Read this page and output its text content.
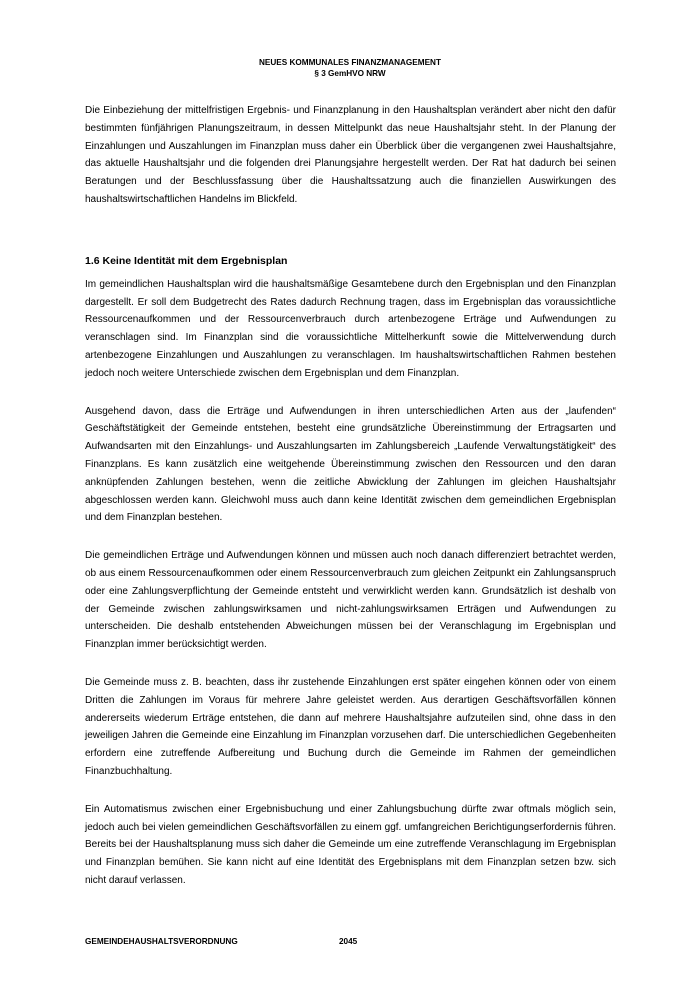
NEUES KOMMUNALES FINANZMANAGEMENT
§ 3 GemHVO NRW

Die Einbeziehung der mittelfristigen Ergebnis- und Finanzplanung in den Haushaltsplan verändert aber nicht den dafür bestimmten fünfjährigen Planungszeitraum, in dessen Mittelpunkt das neue Haushaltsjahr steht. In der Planung der Einzahlungen und Auszahlungen im Finanzplan muss daher ein Überblick über die vergangenen zwei Haushaltsjahre, das aktuelle Haushaltsjahr und die folgenden drei Planungsjahre hergestellt werden. Der Rat hat dadurch bei seinen Beratungen und der Beschlussfassung über die Haushaltssatzung auch die finanziellen Auswirkungen des haushaltswirtschaftlichen Handelns im Blickfeld.

1.6 Keine Identität mit dem Ergebnisplan

Im gemeindlichen Haushaltsplan wird die haushaltsmäßige Gesamtebene durch den Ergebnisplan und den Finanzplan dargestellt. Er soll dem Budgetrecht des Rates dadurch Rechnung tragen, dass im Ergebnisplan das voraussichtliche Ressourcenaufkommen und der Ressourcenverbrauch durch artenbezogene Erträge und Aufwendungen zu veranschlagen sind. Im Finanzplan sind die voraussichtliche Mittelherkunft sowie die Mittelverwendung durch artenbezogene Einzahlungen und Auszahlungen zu veranschlagen. Im haushaltswirtschaftlichen Rahmen bestehen jedoch noch weitere Unterschiede zwischen dem Ergebnisplan und dem Finanzplan.

Ausgehend davon, dass die Erträge und Aufwendungen in ihren unterschiedlichen Arten aus der „laufenden“ Geschäftstätigkeit der Gemeinde entstehen, besteht eine grundsätzliche Übereinstimmung der Ertragsarten und Aufwandsarten mit den Einzahlungs- und Auszahlungsarten im Zahlungsbereich „Laufende Verwaltungstätigkeit“ des Finanzplans. Es kann zusätzlich eine weitgehende Übereinstimmung zwischen den Ressourcen und den daran anknüpfenden Zahlungen bestehen, wenn die zeitliche Abwicklung der Zahlungen im gleichen Haushaltsjahr abgeschlossen werden kann. Gleichwohl muss auch dann keine Identität zwischen dem gemeindlichen Ergebnisplan und dem Finanzplan bestehen.

Die gemeindlichen Erträge und Aufwendungen können und müssen auch noch danach differenziert betrachtet werden, ob aus einem Ressourcenaufkommen oder einem Ressourcenverbrauch zum gleichen Zeitpunkt ein Zahlungsanspruch oder eine Zahlungsverpflichtung der Gemeinde entsteht und verwirklicht werden kann. Grundsätzlich ist deshalb von der Gemeinde zwischen zahlungswirksamen und nicht-zahlungswirksamen Erträgen und Aufwendungen zu unterscheiden. Die deshalb entstehenden Abweichungen müssen bei der Veranschlagung im Ergebnisplan und Finanzplan immer berücksichtigt werden.

Die Gemeinde muss z. B. beachten, dass ihr zustehende Einzahlungen erst später eingehen können oder von einem Dritten die Zahlungen im Voraus für mehrere Jahre geleistet werden. Aus derartigen Geschäftsvorfällen können andererseits wiederum Erträge entstehen, die dann auf mehrere Haushaltsjahre aufzuteilen sind, ohne dass in den jeweiligen Jahren die Gemeinde eine Einzahlung im Finanzplan vorzusehen darf. Die unterschiedlichen Gegebenheiten erfordern eine zutreffende Aufbereitung und Buchung durch die Gemeinde im Rahmen der gemeindlichen Finanzbuchhaltung.

Ein Automatismus zwischen einer Ergebnisbuchung und einer Zahlungsbuchung dürfte zwar oftmals möglich sein, jedoch auch bei vielen gemeindlichen Geschäftsvorfällen zu einem ggf. umfangreichen Berichtigungserfordernis führen. Bereits bei der Haushaltsplanung muss sich daher die Gemeinde um eine zutreffende Veranschlagung im Ergebnisplan und Finanzplan bemühen. Sie kann nicht auf eine Identität des Ergebnisplans mit dem Finanzplan setzen bzw. sich nicht darauf verlassen.

GEMEINDEHAUSHALTSVERORDNUNG	2045
